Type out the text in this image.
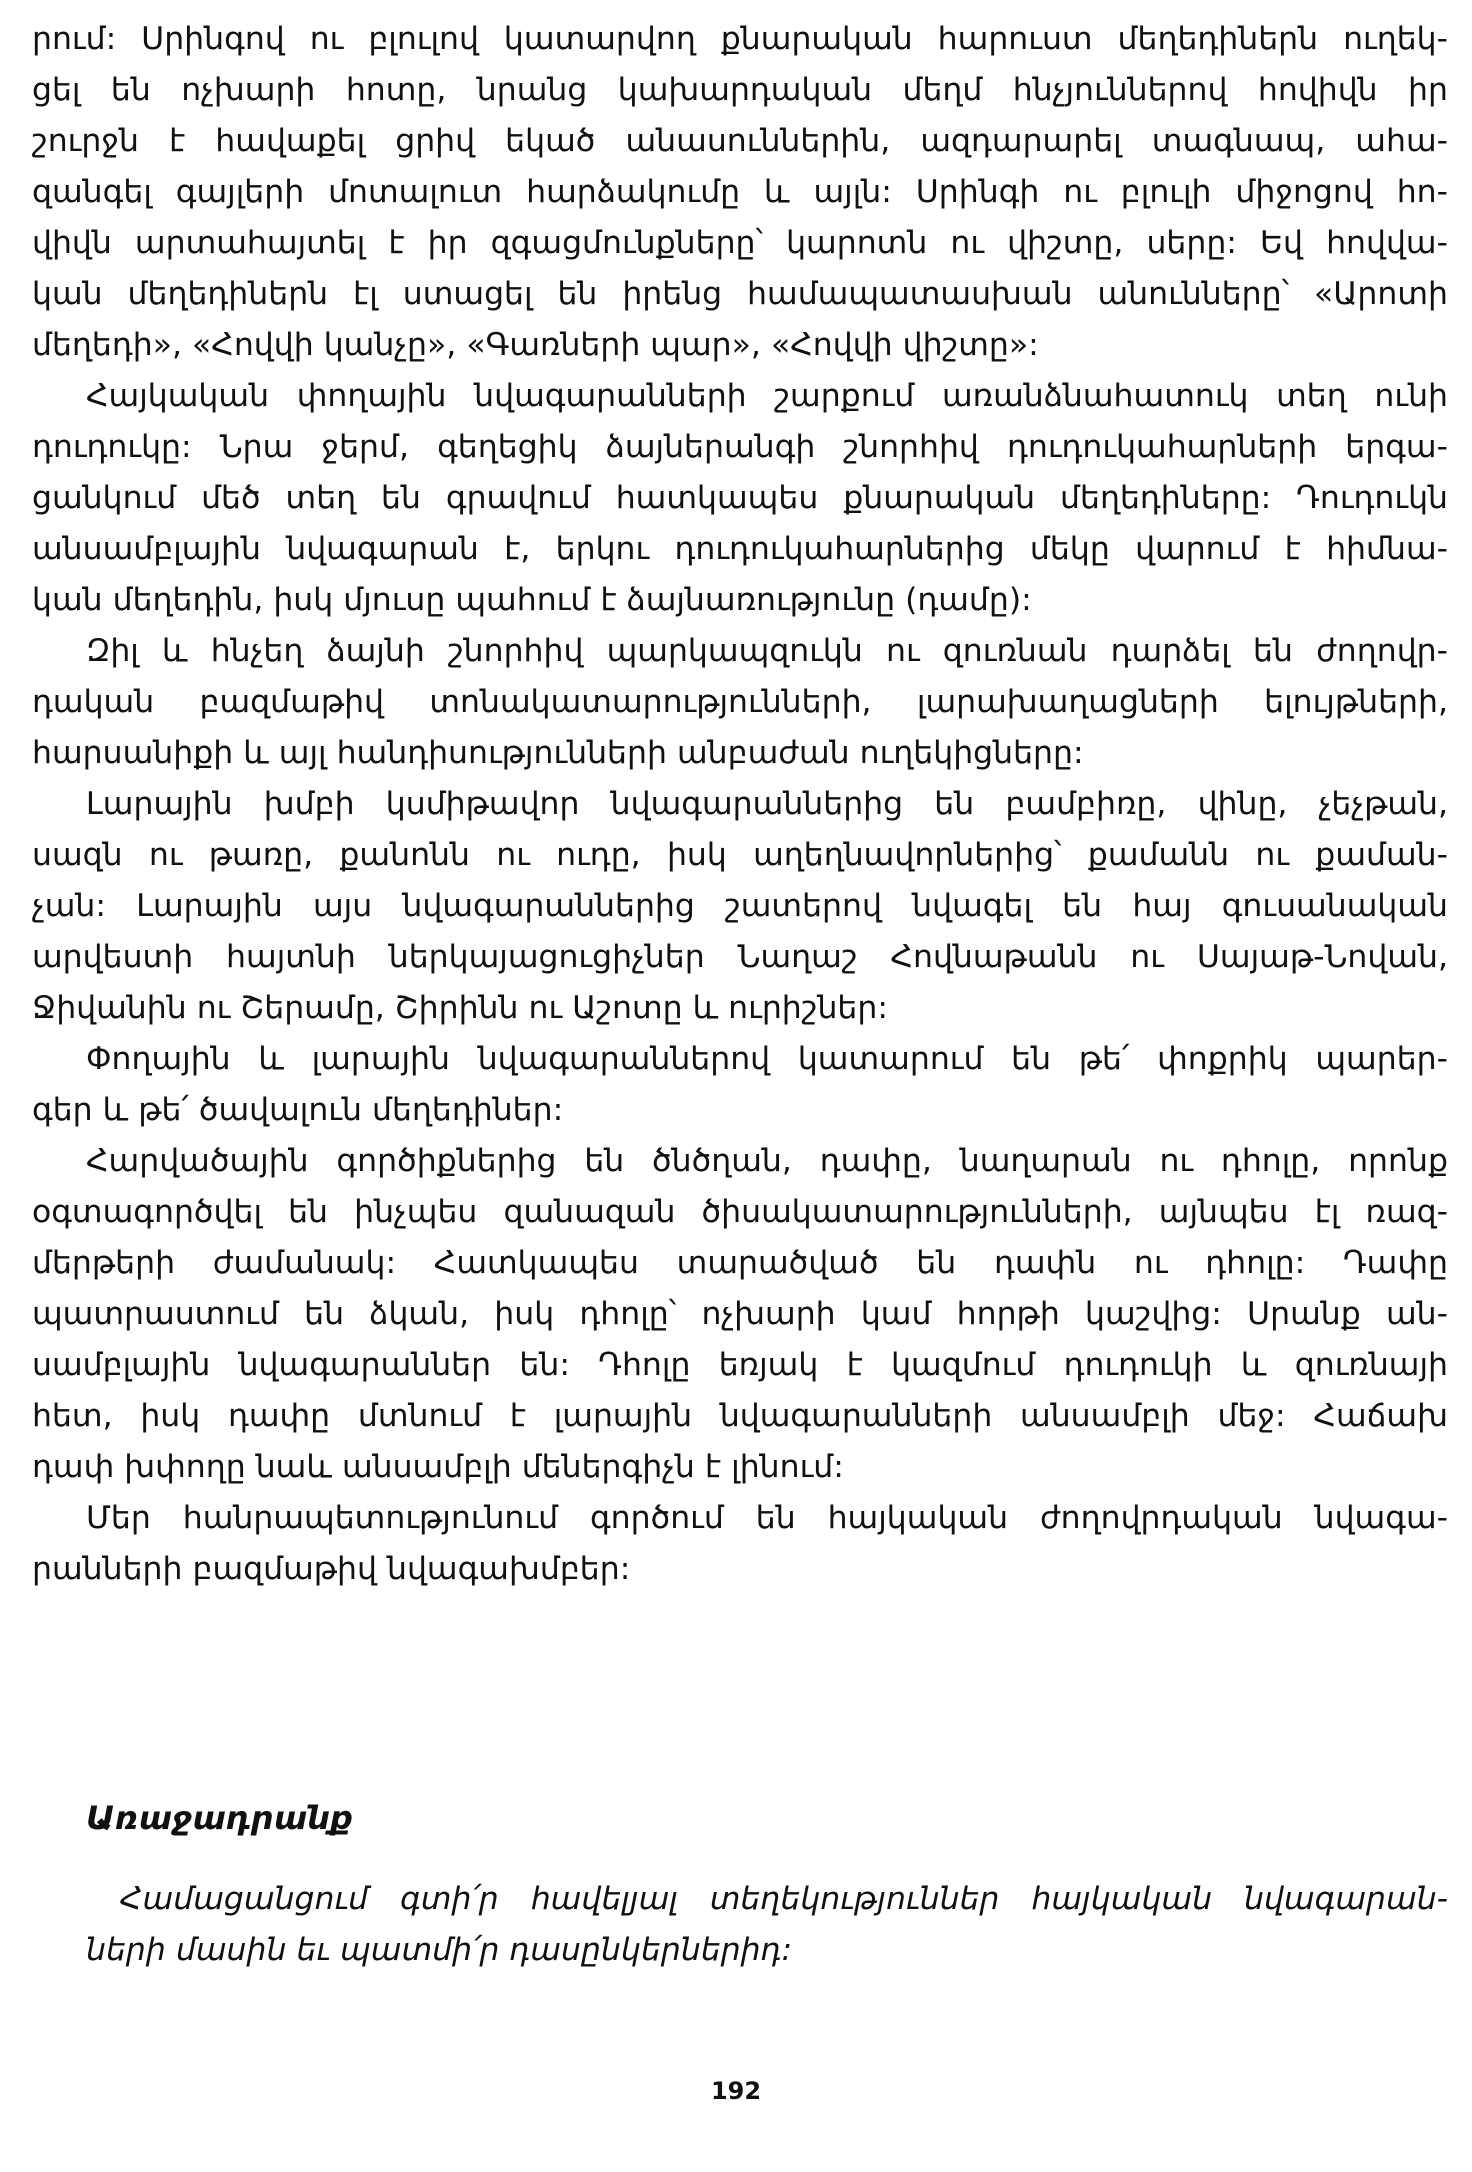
րում: Սրինգով ու բլուլով կատարվող քնարական հարուստ մեղեդիներն ուղեկ-
ցել են ոչխարի հոտը, նրանց կախարդական մեղմ հնչյուններով հովիվն իր
շուրջն է հավաքել ցրիվ եկած անասուններին, ազդարարել տագնապ, ահա-
զանգել գայլերի մոտալուտ հարձակումը և այլն: Սրինգի ու բլուլի միջոցով հո-
վիվն արտահայտել է իր զգացմունքները՝ կարոտն ու վիշտը, սերը: Եվ հովվա-
կան մեղեդիներն էլ ստացել են իրենց համապատասխան անունները՝ «Արոտի
մեղեդի», «Հովվի կանչը», «Գառների պար», «Հովվի վիշտը»:
Հայկական փողային նվագարանների շարքում առանձնահատուկ տեղ ունի
դուդուկը: Նրա ջերմ, գեղեցիկ ձայներանգի շնորհիվ դուդուկահարների երգա-
ցանկում մեծ տեղ են գրավում հատկապես քնարական մեղեդիները: Դուդուկն
անսամբլային նվագարան է, երկու դուդուկահարներից մեկը վարում է հիմնա-
կան մեղեդին, իսկ մյուսը պահում է ձայնառությունը (դամը):
Զիլ և հնչեղ ձայնի շնորհիվ պարկապզուկն ու զուռնան դարձել են ժողովր-
դական բազմաթիվ տոնակատարությունների, լարախաղացների ելույթների,
հարսանիքի և այլ հանդիսությունների անբաժան ուղեկիցները:
Լարային խմբի կսմիթավոր նվագարաններից են բամբիռը, վինը, չեչթան,
սազն ու թառը, քանոնն ու ուդը, իսկ աղեղնավորներից՝ քամանն ու քաման-
չան: Լարային այս նվագարաններից շատերով նվագել են հայ գուսանական
արվեստի հայտնի ներկայացուցիչներ Նաղաշ Հովնաթանն ու Սայաթ-Նովան,
Ջիվանին ու Շերամը, Շիրինն ու Աշոտը և ուրիշներ:
Փողային և լարային նվագարաններով կատարում են թե՛ փոքրիկ պարեր-
գեր և թե՛ ծավալուն մեղեդիներ:
Հարվածային գործիքներից են ծնծղան, դափը, նաղարան ու դհոլը, որոնք
օգտագործվել են ինչպես զանազան ծիսակատարությունների, այնպես էլ ռազ-
մերթերի ժամանակ: Հատկապես տարածված են դափն ու դհոլը: Դափը
պատրաստում են ձկան, իսկ դհոլը՝ ոչխարի կամ հորթի կաշվից: Սրանք ան-
սամբլային նվագարաններ են: Դհոլը եռյակ է կազմում դուդուկի և զուռնայի
հետ, իսկ դափը մտնում է լարային նվագարանների անսամբլի մեջ: Հաճախ
դափ խփողը նաև անսամբլի մեներգիչն է լինում:
Մեր հանրապետությունում գործում են հայկական ժողովրդական նվագա-
րանների բազմաթիվ նվագախմբեր:
Առաջադրանք
Համացանցում գտի՛ր հավելյալ տեղեկություններ հայկական նվագարան-
ների մասին եւ պատմի՛ր դասընկերներիդ:
192
